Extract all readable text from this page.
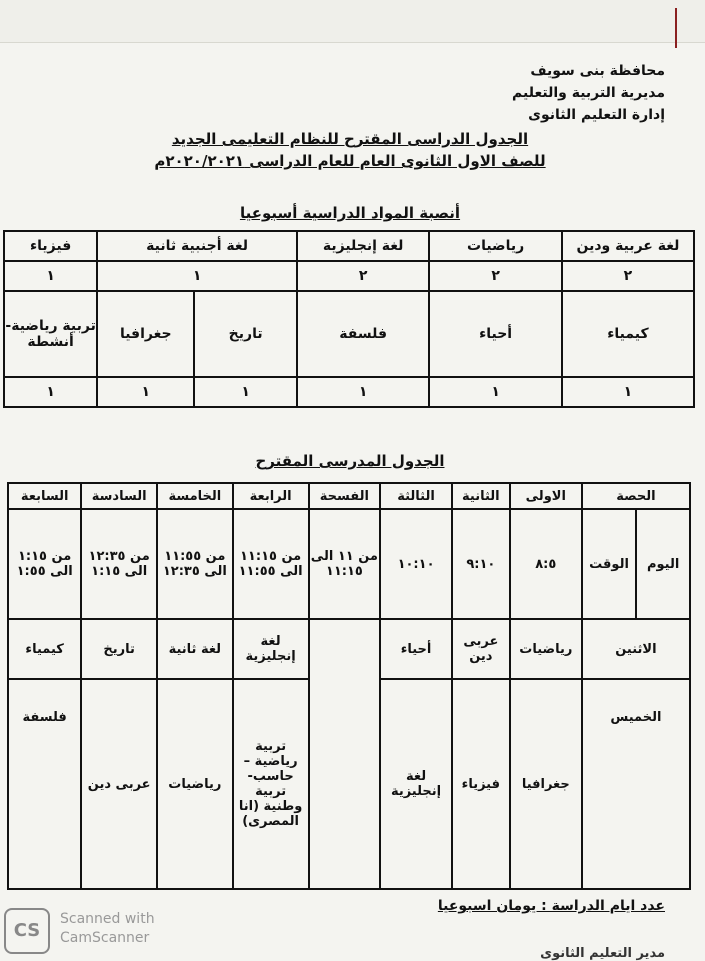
محافظة بنى سويف
مديرية التربية والتعليم
إدارة التعليم الثانوى
الجدول الدراسى المقترح للنظام التعليمى الجديد
للصف الاول الثانوى العام للعام الدراسى ٢٠٢٠/٢٠٢١م
أنصبة المواد الدراسية أسبوعيا
لغة عربية ودين	رياضيات	لغة إنجليزية	لغة أجنبية ثانية		فيزياء
٢	٢	٢	١		١
كيمياء	أحياء	فلسفة	تاريخ	جغرافيا	تربية رياضية- أنشطة
١	١	١	١	١	١
الجدول المدرسى المقترح
الحصة		الاولى	الثانية	الثالثة	الفسحة	الرابعة	الخامسة	السادسة	السابعة
اليوم	الوقت	٨:٥	٩:١٠	١٠:١٠	من ١١ الى ١١:١٥	من ١١:١٥ الى ١١:٥٥	من ١١:٥٥ الى ١٢:٣٥	من ١٢:٣٥ الى ١:١٥	من ١:١٥ الى ١:٥٥
الاثنين		رياضيات	عربى دين	أحياء		لغة إنجليزية	لغة ثانية	تاريخ	كيمياء
الخميس		جغرافيا	فيزياء	لغة إنجليزية		تربية رياضية – حاسب- تربية وطنية (انا المصرى)	رياضيات	عربى دين	فلسفة
عدد ايام الدراسة : يومان اسبوعيا
CS
Scanned with
CamScanner
مدير التعليم الثانوى
